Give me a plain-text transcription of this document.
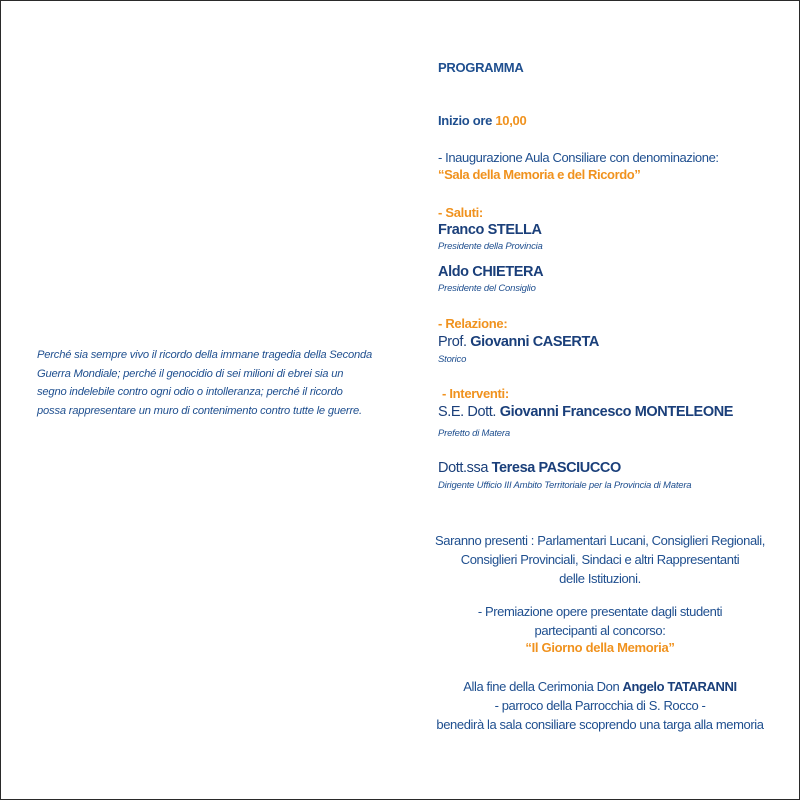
Perché sia sempre vivo il ricordo della immane tragedia della Seconda
Guerra Mondiale; perché il genocidio di sei milioni di ebrei sia un
segno indelebile contro ogni odio o intolleranza; perché il ricordo
possa rappresentare un muro di contenimento contro tutte le guerre.
PROGRAMMA
Inizio ore 10,00
- Inaugurazione Aula Consiliare con denominazione:
“Sala della Memoria e del Ricordo”
- Saluti:
Franco STELLA
Presidente della Provincia
Aldo CHIETERA
Presidente del Consiglio
- Relazione:
Prof. Giovanni CASERTA
Storico
- Interventi:
S.E. Dott. Giovanni Francesco MONTELEONE
Prefetto di Matera
Dott.ssa Teresa PASCIUCCO
Dirigente Ufficio III Ambito Territoriale per la Provincia di Matera
Saranno presenti : Parlamentari Lucani, Consiglieri Regionali,
Consiglieri Provinciali, Sindaci e altri Rappresentanti
delle Istituzioni.
- Premiazione opere presentate dagli studenti
partecipanti al concorso:
“Il Giorno della Memoria”
Alla fine della Cerimonia Don Angelo TATARANNI
- parroco della Parrocchia di S. Rocco -
benedirà la sala consiliare scoprendo una targa alla memoria
